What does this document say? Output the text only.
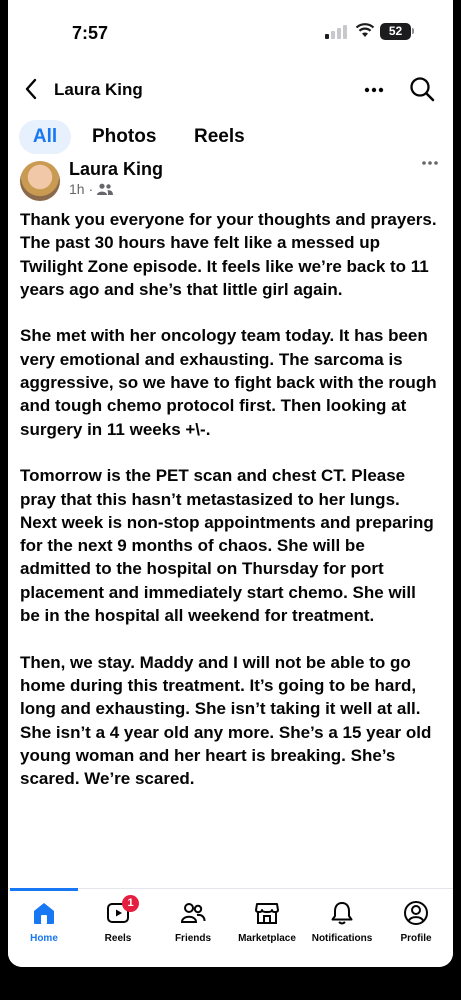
7:57	52
Laura King
All	Photos Reels
Laura King
1h ·

Thank you everyone for your thoughts and prayers. The past 30 hours have felt like a messed up Twilight Zone episode. It feels like we’re back to 11 years ago and she’s that little girl again.

She met with her oncology team today. It has been very emotional and exhausting. The sarcoma is aggressive, so we have to fight back with the rough and tough chemo protocol first. Then looking at surgery in 11 weeks +\-.

Tomorrow is the PET scan and chest CT. Please pray that this hasn’t metastasized to her lungs. Next week is non-stop appointments and preparing for the next 9 months of chaos. She will be admitted to the hospital on Thursday for port placement and immediately start chemo. She will be in the hospital all weekend for treatment.

Then, we stay. Maddy and I will not be able to go home during this treatment. It’s going to be hard, long and exhausting. She isn’t taking it well at all. She isn’t a 4 year old any more. She’s a 15 year old young woman and her heart is breaking. She’s scared. We’re scared.

Home
1
Reels	Friends	Marketplace	Notifications	Profile
